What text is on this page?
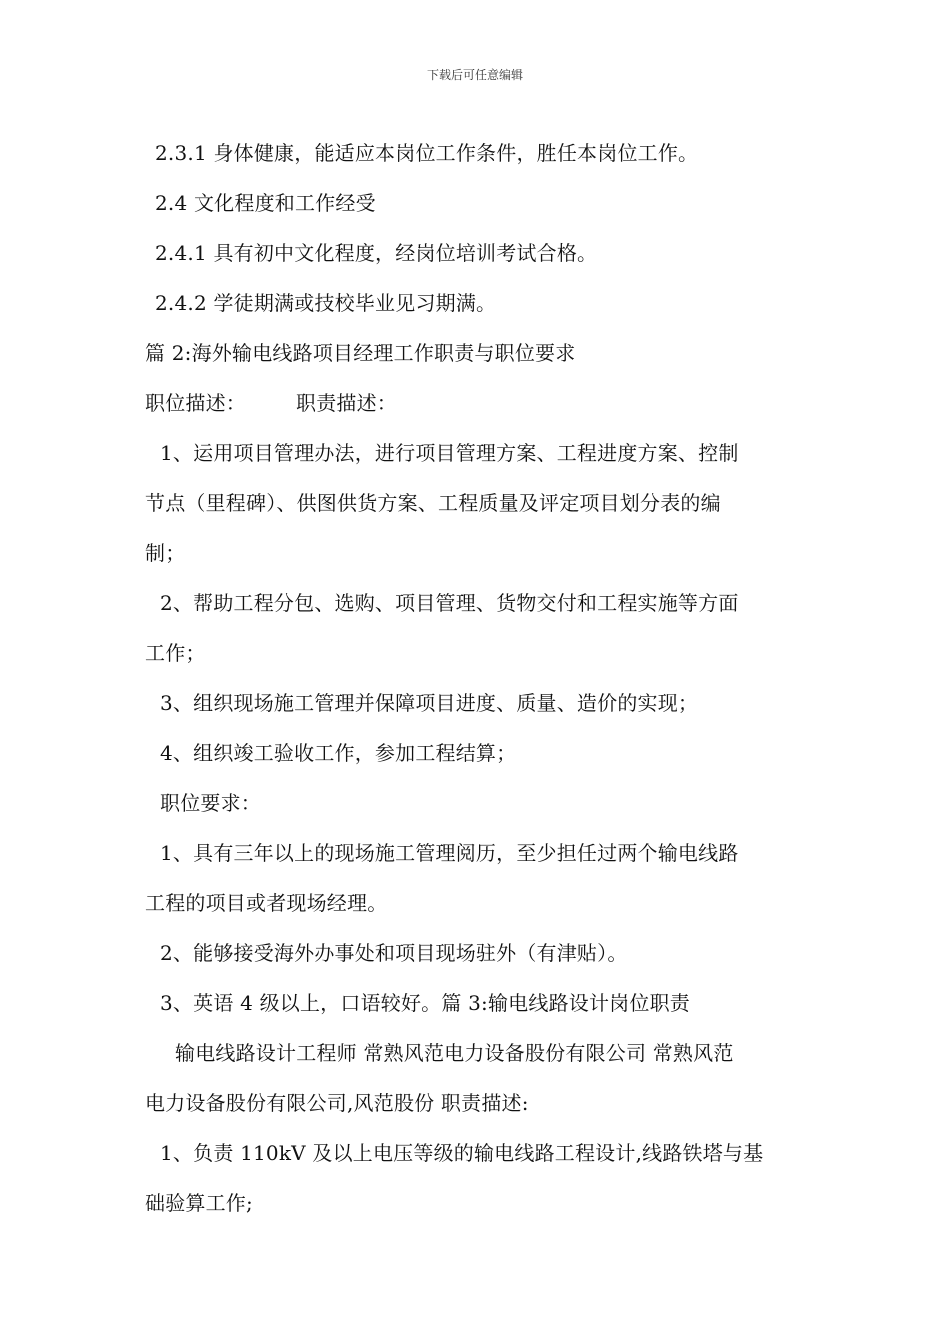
下载后可任意编辑
2.3.1 身体健康，能适应本岗位工作条件，胜任本岗位工作。
2.4 文化程度和工作经受
2.4.1 具有初中文化程度，经岗位培训考试合格。
2.4.2 学徒期满或技校毕业见习期满。
篇 2:海外输电线路项目经理工作职责与职位要求
职位描述：	职责描述：
1、运用项目管理办法，进行项目管理方案、工程进度方案、控制
节点（里程碑）、供图供货方案、工程质量及评定项目划分表的编
制；
2、帮助工程分包、选购、项目管理、货物交付和工程实施等方面
工作；
3、组织现场施工管理并保障项目进度、质量、造价的实现；
4、组织竣工验收工作，参加工程结算；
职位要求：
1、具有三年以上的现场施工管理阅历，至少担任过两个输电线路
工程的项目或者现场经理。
2、能够接受海外办事处和项目现场驻外（有津贴）。
3、英语 4 级以上，口语较好。篇 3:输电线路设计岗位职责
输电线路设计工程师 常熟风范电力设备股份有限公司 常熟风范
电力设备股份有限公司,风范股份 职责描述:
1、负责 110kV 及以上电压等级的输电线路工程设计,线路铁塔与基
础验算工作;
